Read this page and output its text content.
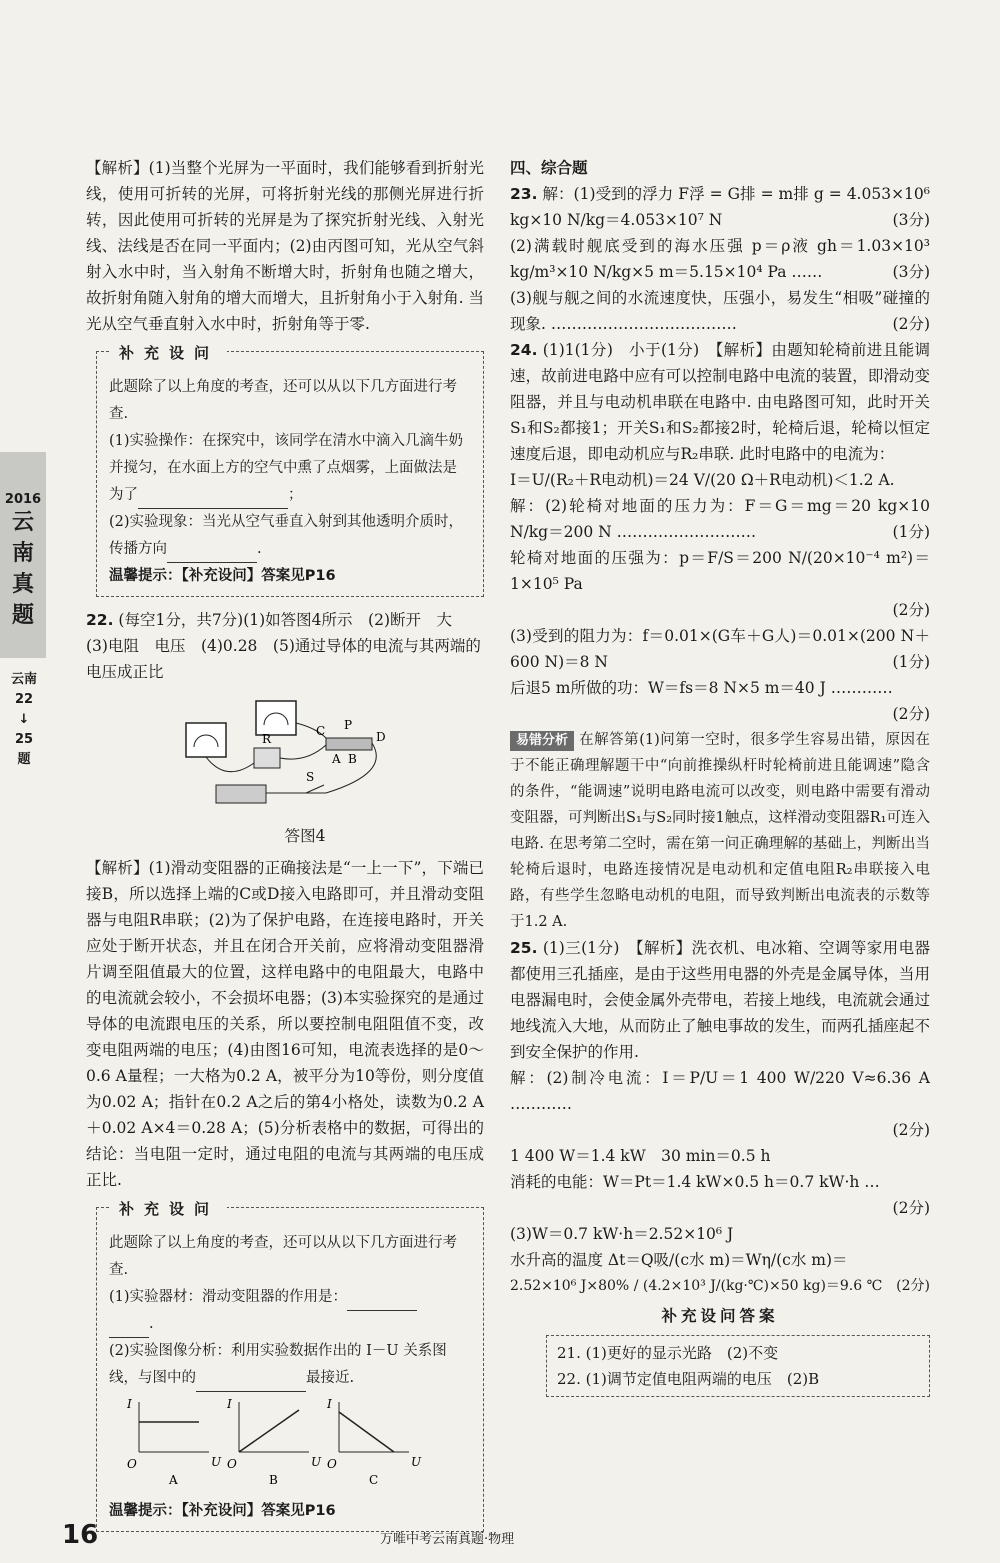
2016
云
南
真
题
云南
22
↓
25
题
【解析】(1)当整个光屏为一平面时，我们能够看到折射光线，使用可折转的光屏，可将折射光线的那侧光屏进行折转，因此使用可折转的光屏是为了探究折射光线、入射光线、法线是否在同一平面内；(2)由丙图可知，光从空气斜射入水中时，当入射角不断增大时，折射角也随之增大，故折射角随入射角的增大而增大，且折射角小于入射角. 当光从空气垂直射入水中时，折射角等于零.
补充设问
此题除了以上角度的考查，还可以从以下几方面进行考查.
(1)实验操作：在探究中，该同学在清水中滴入几滴牛奶并搅匀，在水面上方的空气中熏了点烟雾，上面做法是为了	；
(2)实验现象：当光从空气垂直入射到其他透明介质时，传播方向	.
温馨提示：【补充设问】答案见P16
22. (每空1分，共7分)(1)如答图4所示　(2)断开　大　(3)电阻　电压　(4)0.28　(5)通过导体的电流与其两端的电压成正比
C P
D
A B
R
S
答图4
【解析】(1)滑动变阻器的正确接法是“一上一下”，下端已接B，所以选择上端的C或D接入电路即可，并且滑动变阻器与电阻R串联；(2)为了保护电路，在连接电路时，开关应处于断开状态，并且在闭合开关前，应将滑动变阻器滑片调至阻值最大的位置，这样电路中的电阻最大，电路中的电流就会较小，不会损坏电器；(3)本实验探究的是通过导体的电流跟电压的关系，所以要控制电阻阻值不变，改变电阻两端的电压；(4)由图16可知，电流表选择的是0～0.6 A量程；一大格为0.2 A，被平分为10等份，则分度值为0.02 A；指针在0.2 A之后的第4小格处，读数为0.2 A＋0.02 A×4＝0.28 A；(5)分析表格中的数据，可得出的结论：当电阻一定时，通过电阻的电流与其两端的电压成正比.
补充设问
此题除了以上角度的考查，还可以从以下几方面进行考查.
(1)实验器材：滑动变阻器的作用是：
.
(2)实验图像分析：利用实验数据作出的 I－U 关系图线，与图中的	最接近.
I
U
O
A
I
U
O
B
I
U
O
C
温馨提示：【补充设问】答案见P16
四、综合题
23. 解：(1)受到的浮力 F浮 = G排 = m排 g = 4.053×10⁶ kg×10 N/kg＝4.053×10⁷ N	(3分)
(2)满载时舰底受到的海水压强 p＝ρ液 gh＝1.03×10³ kg/m³×10 N/kg×5 m＝5.15×10⁴ Pa ……	(3分)
(3)舰与舰之间的水流速度快，压强小，易发生“相吸”碰撞的现象. ………………………………	(2分)
24. (1)1(1分)　小于(1分)　【解析】由题知轮椅前进且能调速，故前进电路中应有可以控制电路中电流的装置，即滑动变阻器，并且与电动机串联在电路中. 由电路图可知，此时开关S₁和S₂都接1；开关S₁和S₂都接2时，轮椅后退，轮椅以恒定速度后退，即电动机应与R₂串联. 此时电路中的电流为：
I＝U/(R₂＋R电动机)＝24 V/(20 Ω＋R电动机)＜1.2 A.
解：(2)轮椅对地面的压力为：F＝G＝mg＝20 kg×10 N/kg＝200 N ………………………	(1分)
轮椅对地面的压强为：p＝F/S＝200 N/(20×10⁻⁴ m²)＝1×10⁵ Pa
(2分)
(3)受到的阻力为：f＝0.01×(G车＋G人)＝0.01×(200 N＋600 N)＝8 N	(1分)
后退5 m所做的功：W＝fs＝8 N×5 m＝40 J …………
(2分)
易错分析 在解答第(1)问第一空时，很多学生容易出错，原因在于不能正确理解题干中“向前推操纵杆时轮椅前进且能调速”隐含的条件，“能调速”说明电路电流可以改变，则电路中需要有滑动变阻器，可判断出S₁与S₂同时接1触点，这样滑动变阻器R₁可连入电路. 在思考第二空时，需在第一问正确理解的基础上，判断出当轮椅后退时，电路连接情况是电动机和定值电阻R₂串联接入电路，有些学生忽略电动机的电阻，而导致判断出电流表的示数等于1.2 A.
25. (1)三(1分)　【解析】洗衣机、电冰箱、空调等家用电器都使用三孔插座，是由于这些用电器的外壳是金属导体，当用电器漏电时，会使金属外壳带电，若接上地线，电流就会通过地线流入大地，从而防止了触电事故的发生，而两孔插座起不到安全保护的作用.
解：(2)制冷电流：I＝P/U＝1 400 W/220 V≈6.36 A …………
(2分)
1 400 W＝1.4 kW　30 min＝0.5 h
消耗的电能：W＝Pt＝1.4 kW×0.5 h＝0.7 kW·h …
(2分)
(3)W＝0.7 kW·h＝2.52×10⁶ J
水升高的温度 Δt＝Q吸/(c水 m)＝Wη/(c水 m)＝
2.52×10⁶ J×80% / (4.2×10³ J/(kg·℃)×50 kg)＝9.6 ℃ (2分)
补充设问答案
21. (1)更好的显示光路　(2)不变
22. (1)调节定值电阻两端的电压　(2)B
16	万唯中考云南真题·物理
